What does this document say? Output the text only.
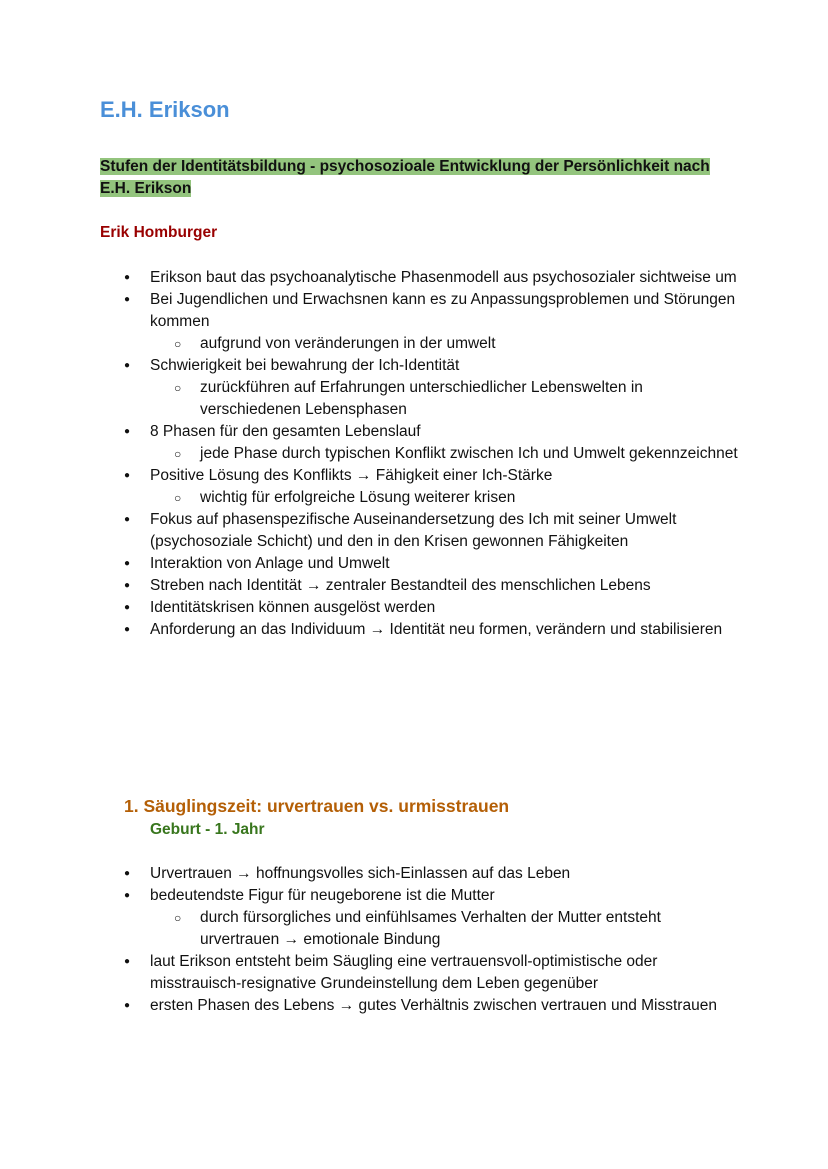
E.H. Erikson

Stufen der Identitätsbildung - psychosozioale Entwicklung der Persönlichkeit nach E.H. Erikson

Erik Homburger

● Erikson baut das psychoanalytische Phasenmodell aus psychosozialer sichtweise um
● Bei Jugendlichen und Erwachsnen kann es zu Anpassungsproblemen und Störungen kommen
○ aufgrund von veränderungen in der umwelt
● Schwierigkeit bei bewahrung der Ich-Identität
○ zurückführen auf Erfahrungen unterschiedlicher Lebenswelten in verschiedenen Lebensphasen
● 8 Phasen für den gesamten Lebenslauf
○ jede Phase durch typischen Konflikt zwischen Ich und Umwelt gekennzeichnet
● Positive Lösung des Konflikts → Fähigkeit einer Ich-Stärke
○ wichtig für erfolgreiche Lösung weiterer krisen
● Fokus auf phasenspezifische Auseinandersetzung des Ich mit seiner Umwelt (psychosoziale Schicht) und den in den Krisen gewonnen Fähigkeiten
● Interaktion von Anlage und Umwelt
● Streben nach Identität → zentraler Bestandteil des menschlichen Lebens
● Identitätskrisen können ausgelöst werden
● Anforderung an das Individuum → Identität neu formen, verändern und stabilisieren
1. Säuglingszeit: urvertrauen vs. urmisstrauen

Geburt - 1. Jahr

● Urvertrauen → hoffnungsvolles sich-Einlassen auf das Leben
● bedeutendste Figur für neugeborene ist die Mutter
○ durch fürsorgliches und einfühlsames Verhalten der Mutter entsteht urvertrauen → emotionale Bindung
● laut Erikson entsteht beim Säugling eine vertrauensvoll-optimistische oder misstrauisch-resignative Grundeinstellung dem Leben gegenüber
● ersten Phasen des Lebens → gutes Verhältnis zwischen vertrauen und Misstrauen
